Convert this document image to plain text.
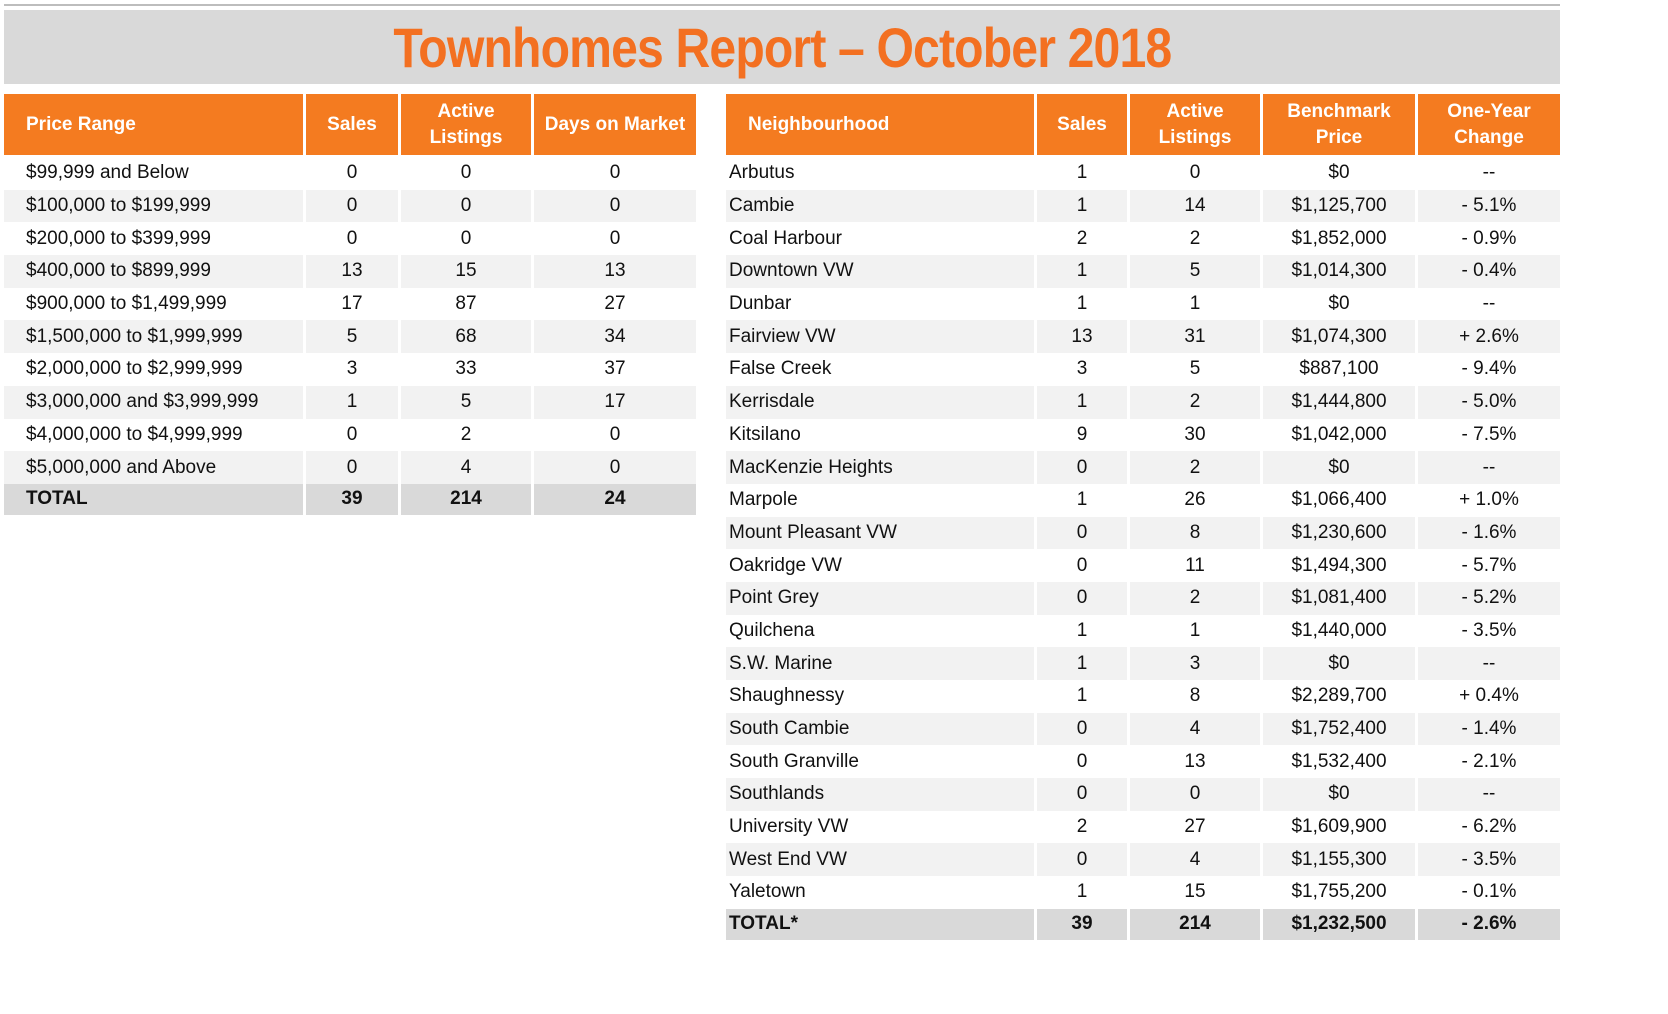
Townhomes Report – October 2018
Price Range	Sales	Active Listings	Days on Market
$99,999 and Below	0	0	0
$100,000 to $199,999	0	0	0
$200,000 to $399,999	0	0	0
$400,000 to $899,999	13	15	13
$900,000 to $1,499,999	17	87	27
$1,500,000 to $1,999,999	5	68	34
$2,000,000 to $2,999,999	3	33	37
$3,000,000 and $3,999,999	1	5	17
$4,000,000 to $4,999,999	0	2	0
$5,000,000 and Above	0	4	0
TOTAL	39	214	24
Neighbourhood	Sales	Active Listings	Benchmark Price	One-Year Change
Arbutus	1	0	$0	--
Cambie	1	14	$1,125,700	- 5.1%
Coal Harbour	2	2	$1,852,000	- 0.9%
Downtown VW	1	5	$1,014,300	- 0.4%
Dunbar	1	1	$0	--
Fairview VW	13	31	$1,074,300	+ 2.6%
False Creek	3	5	$887,100	- 9.4%
Kerrisdale	1	2	$1,444,800	- 5.0%
Kitsilano	9	30	$1,042,000	- 7.5%
MacKenzie Heights	0	2	$0	--
Marpole	1	26	$1,066,400	+ 1.0%
Mount Pleasant VW	0	8	$1,230,600	- 1.6%
Oakridge VW	0	11	$1,494,300	- 5.7%
Point Grey	0	2	$1,081,400	- 5.2%
Quilchena	1	1	$1,440,000	- 3.5%
S.W. Marine	1	3	$0	--
Shaughnessy	1	8	$2,289,700	+ 0.4%
South Cambie	0	4	$1,752,400	- 1.4%
South Granville	0	13	$1,532,400	- 2.1%
Southlands	0	0	$0	--
University VW	2	27	$1,609,900	- 6.2%
West End VW	0	4	$1,155,300	- 3.5%
Yaletown	1	15	$1,755,200	- 0.1%
TOTAL*	39	214	$1,232,500	- 2.6%
